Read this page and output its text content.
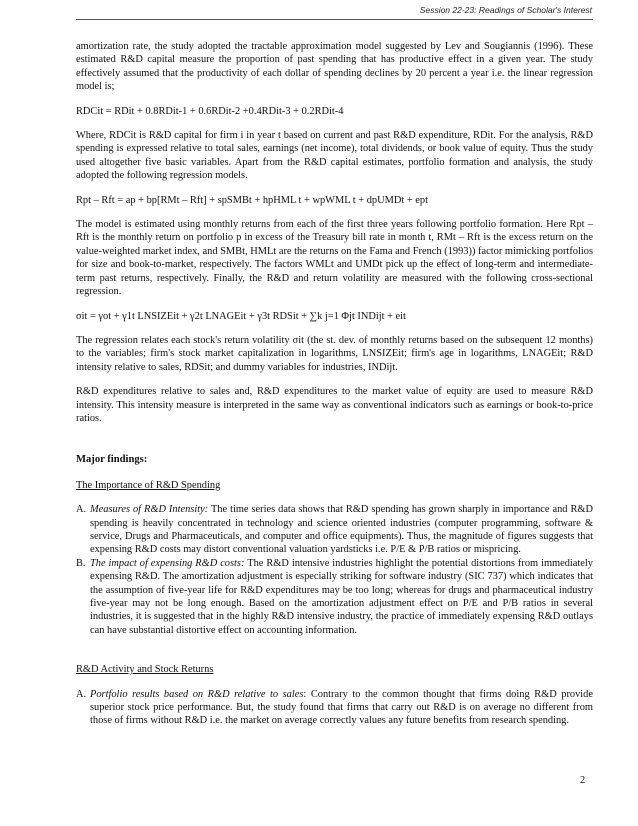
Session 22-23: Readings of Scholar's Interest

amortization rate, the study adopted the tractable approximation model suggested by Lev and Sougiannis (1996). These estimated R&D capital measure the proportion of past spending that has productive effect in a given year. The study effectively assumed that the productivity of each dollar of spending declines by 20 percent a year i.e. the linear regression model is;

RDCit = RDit + 0.8RDit-1 + 0.6RDit-2 +0.4RDit-3 + 0.2RDit-4

Where, RDCit is R&D capital for firm i in year t based on current and past R&D expenditure, RDit. For the analysis, R&D spending is expressed relative to total sales, earnings (net income), total dividends, or book value of equity. Thus the study used altogether five basic variables. Apart from the R&D capital estimates, portfolio formation and analysis, the study adopted the following regression models.

Rpt – Rft = ap + bp[RMt – Rft] + spSMBt + hpHML t + wpWML t + dpUMDt + ept

The model is estimated using monthly returns from each of the first three years following portfolio formation. Here Rpt – Rft is the monthly return on portfolio p in excess of the Treasury bill rate in month t, RMt – Rft is the excess return on the value-weighted market index, and SMBt, HMLt are the returns on the Fama and French (1993)) factor mimicking portfolios for size and book-to-market, respectively. The factors WMLt and UMDt pick up the effect of long-term and intermediate-term past returns, respectively. Finally, the R&D and return volatility are measured with the following cross-sectional regression.

σit = γot + γ1t LNSIZEit + γ2t LNAGEit + γ3t RDSit + ∑k j=1 Φjt INDijt + eit

The regression relates each stock's return volatility σit (the st. dev. of monthly returns based on the subsequent 12 months) to the variables; firm's stock market capitalization in logarithms, LNSIZEit; firm's age in logarithms, LNAGEit; R&D intensity relative to sales, RDSit; and dummy variables for industries, INDijt.

R&D expenditures relative to sales and, R&D expenditures to the market value of equity are used to measure R&D intensity. This intensity measure is interpreted in the same way as conventional indicators such as earnings or book-to-price ratios.

Major findings:
The Importance of R&D Spending
A. Measures of R&D Intensity: The time series data shows that R&D spending has grown sharply in importance and R&D spending is heavily concentrated in technology and science oriented industries (computer programming, software & service, Drugs and Pharmaceuticals, and computer and office equipments). Thus, the magnitude of figures suggests that expensing R&D costs may distort conventional valuation yardsticks i.e. P/E & P/B ratios or mispricing.
B. The impact of expensing R&D costs: The R&D intensive industries highlight the potential distortions from immediately expensing R&D. The amortization adjustment is especially striking for software industry (SIC 737) which indicates that the assumption of five-year life for R&D expenditures may be too long; whereas for drugs and pharmaceutical industry five-year may not be long enough. Based on the amortization adjustment effect on P/E and P/B ratios in several industries, it is suggested that in the highly R&D intensive industry, the practice of immediately expensing R&D outlays can have substantial distortive effect on accounting information.
R&D Activity and Stock Returns
A. Portfolio results based on R&D relative to sales: Contrary to the common thought that firms doing R&D provide superior stock price performance. But, the study found that firms that carry out R&D is on average no different from those of firms without R&D i.e. the market on average correctly values any future benefits from research spending.
2
